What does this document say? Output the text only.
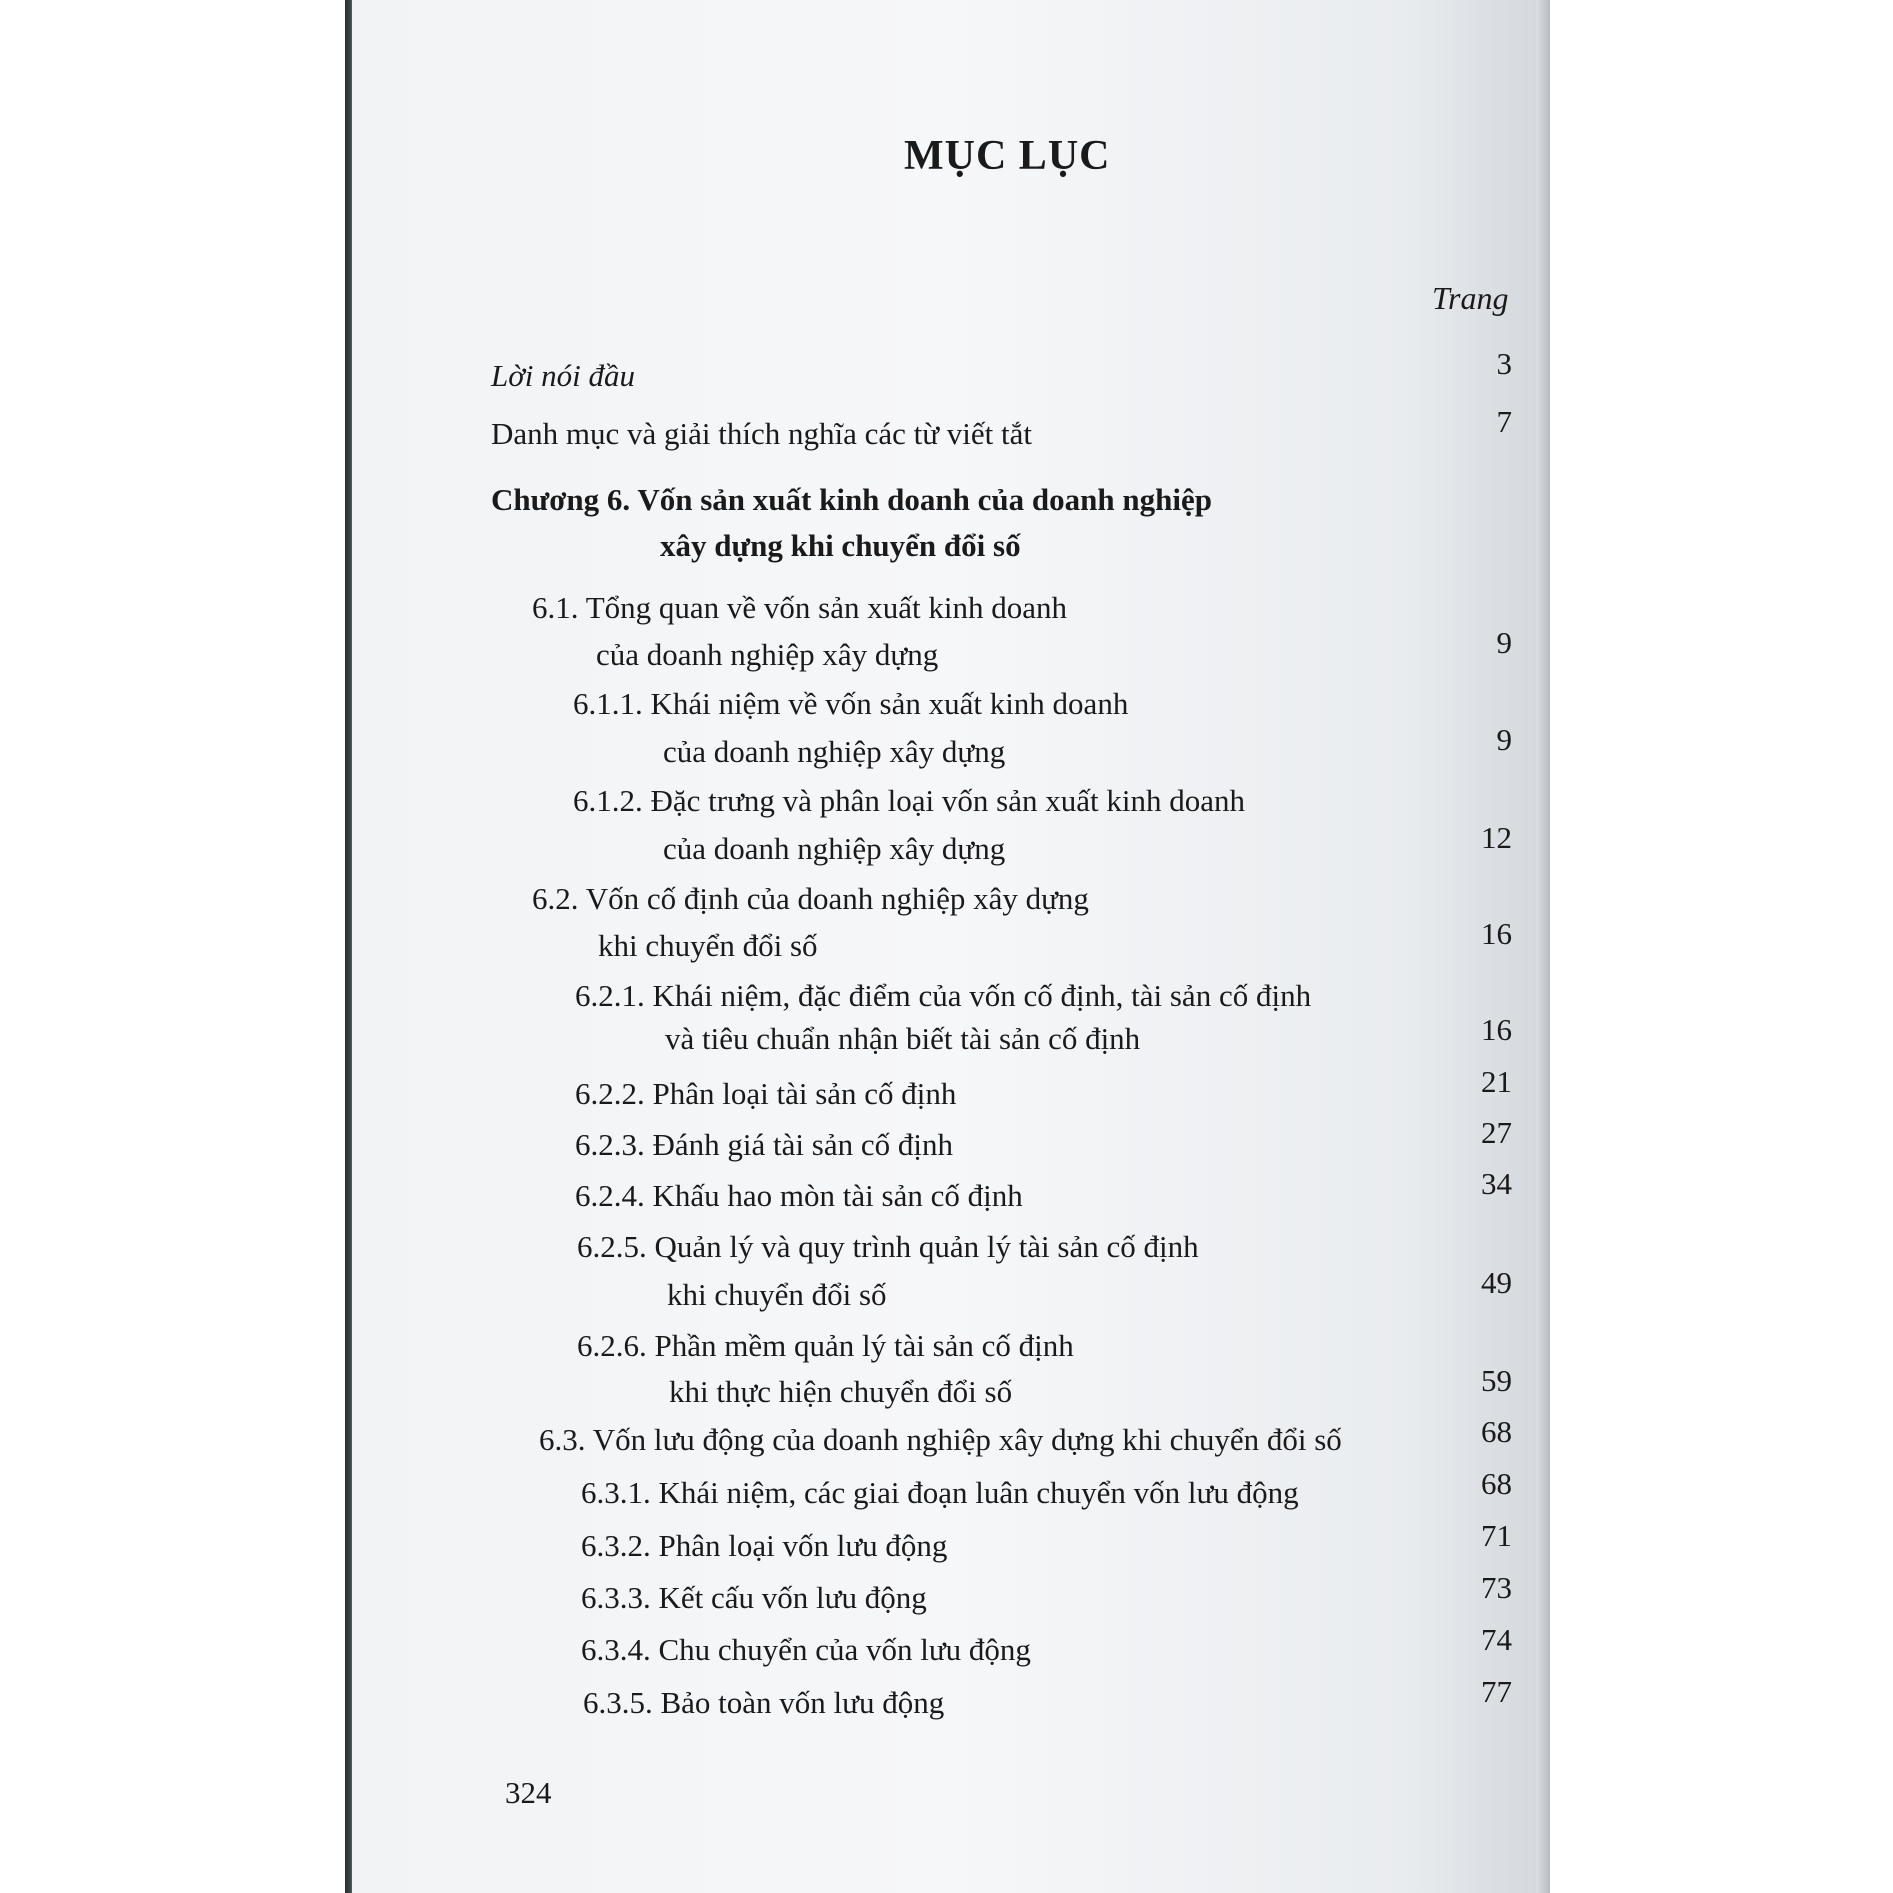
MỤC LỤC
Trang
Lời nói đầu	3
Danh mục và giải thích nghĩa các từ viết tắt	7
Chương 6. Vốn sản xuất kinh doanh của doanh nghiệp
xây dựng khi chuyển đổi số
6.1. Tổng quan về vốn sản xuất kinh doanh
của doanh nghiệp xây dựng	9
6.1.1. Khái niệm về vốn sản xuất kinh doanh
của doanh nghiệp xây dựng	9
6.1.2. Đặc trưng và phân loại vốn sản xuất kinh doanh
của doanh nghiệp xây dựng	12
6.2. Vốn cố định của doanh nghiệp xây dựng
khi chuyển đổi số	16
6.2.1. Khái niệm, đặc điểm của vốn cố định, tài sản cố định
và tiêu chuẩn nhận biết tài sản cố định	16
6.2.2. Phân loại tài sản cố định	21
6.2.3. Đánh giá tài sản cố định	27
6.2.4. Khấu hao mòn tài sản cố định	34
6.2.5. Quản lý và quy trình quản lý tài sản cố định
khi chuyển đổi số	49
6.2.6. Phần mềm quản lý tài sản cố định
khi thực hiện chuyển đổi số	59
6.3. Vốn lưu động của doanh nghiệp xây dựng khi chuyển đổi số	68
6.3.1. Khái niệm, các giai đoạn luân chuyển vốn lưu động	68
6.3.2. Phân loại vốn lưu động	71
6.3.3. Kết cấu vốn lưu động	73
6.3.4. Chu chuyển của vốn lưu động	74
6.3.5. Bảo toàn vốn lưu động	77
324
